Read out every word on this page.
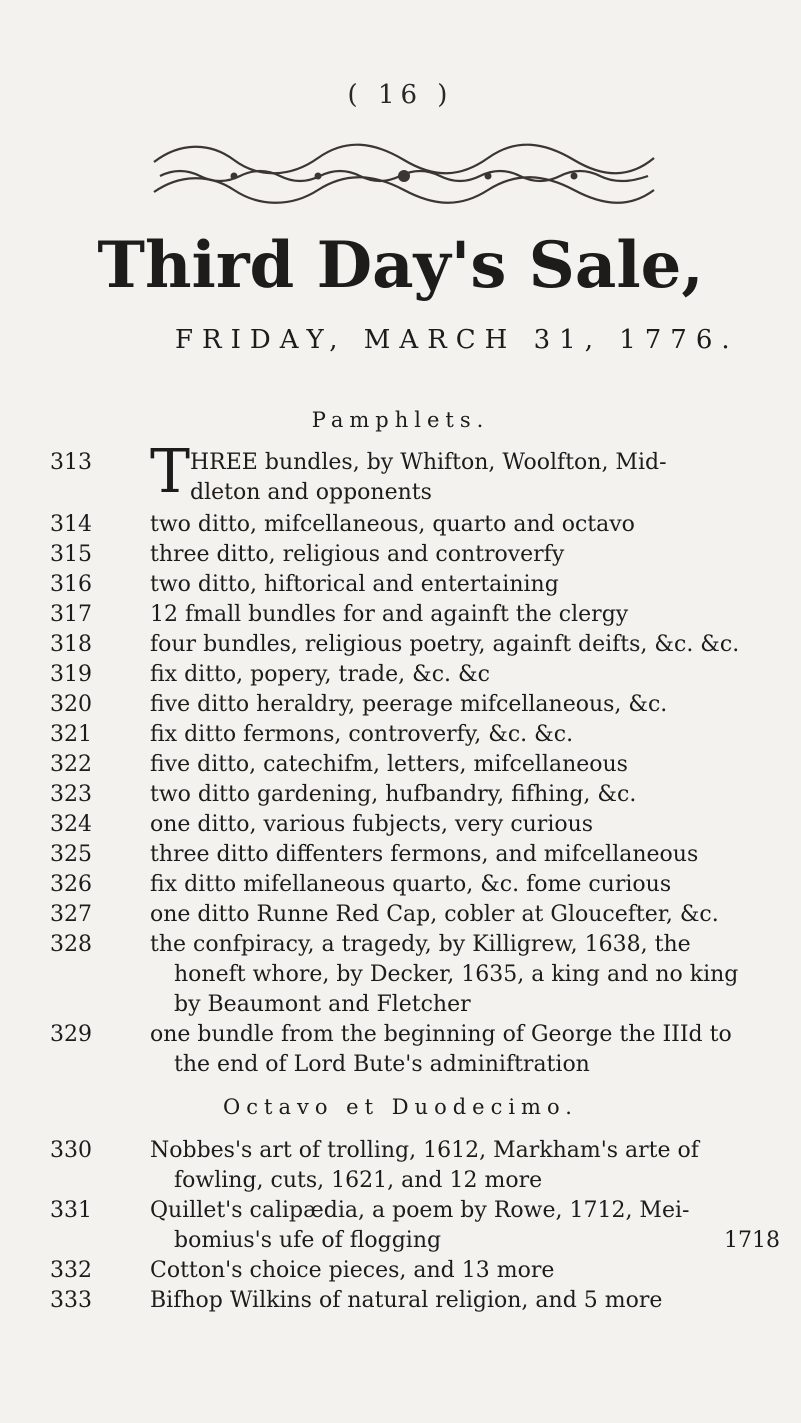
( 16 )
Third Day's Sale,
FRIDAY, MARCH 31, 1776.
Pamphlets.
T
313	HREE bundles, by Whifton, Woolfton, Mid-
dleton and opponents
314	two ditto, mifcellaneous, quarto and octavo
315	three ditto, religious and controverfy
316	two ditto, hiftorical and entertaining
317	12 fmall bundles for and againft the clergy
318	four bundles, religious poetry, againft deifts, &c. &c.
319	fix ditto, popery, trade, &c. &c
320	five ditto heraldry, peerage mifcellaneous, &c.
321	fix ditto fermons, controverfy, &c. &c.
322	five ditto, catechifm, letters, mifcellaneous
323	two ditto gardening, hufbandry, fifhing, &c.
324	one ditto, various fubjects, very curious
325	three ditto diffenters fermons, and mifcellaneous
326	fix ditto mifellaneous quarto, &c. fome curious
327	one ditto Runne Red Cap, cobler at Gloucefter, &c.
328	the confpiracy, a tragedy, by Killigrew, 1638, the
honeft whore, by Decker, 1635, a king and no king
by Beaumont and Fletcher
329	one bundle from the beginning of George the IIId to
the end of Lord Bute's adminiftration
Octavo et Duodecimo.
330	Nobbes's art of trolling, 1612, Markham's arte of
fowling, cuts, 1621, and 12 more
331	Quillet's calipædia, a poem by Rowe, 1712, Mei-
bomius's ufe of flogging	1718
332	Cotton's choice pieces, and 13 more
333	Bifhop Wilkins of natural religion, and 5 more
